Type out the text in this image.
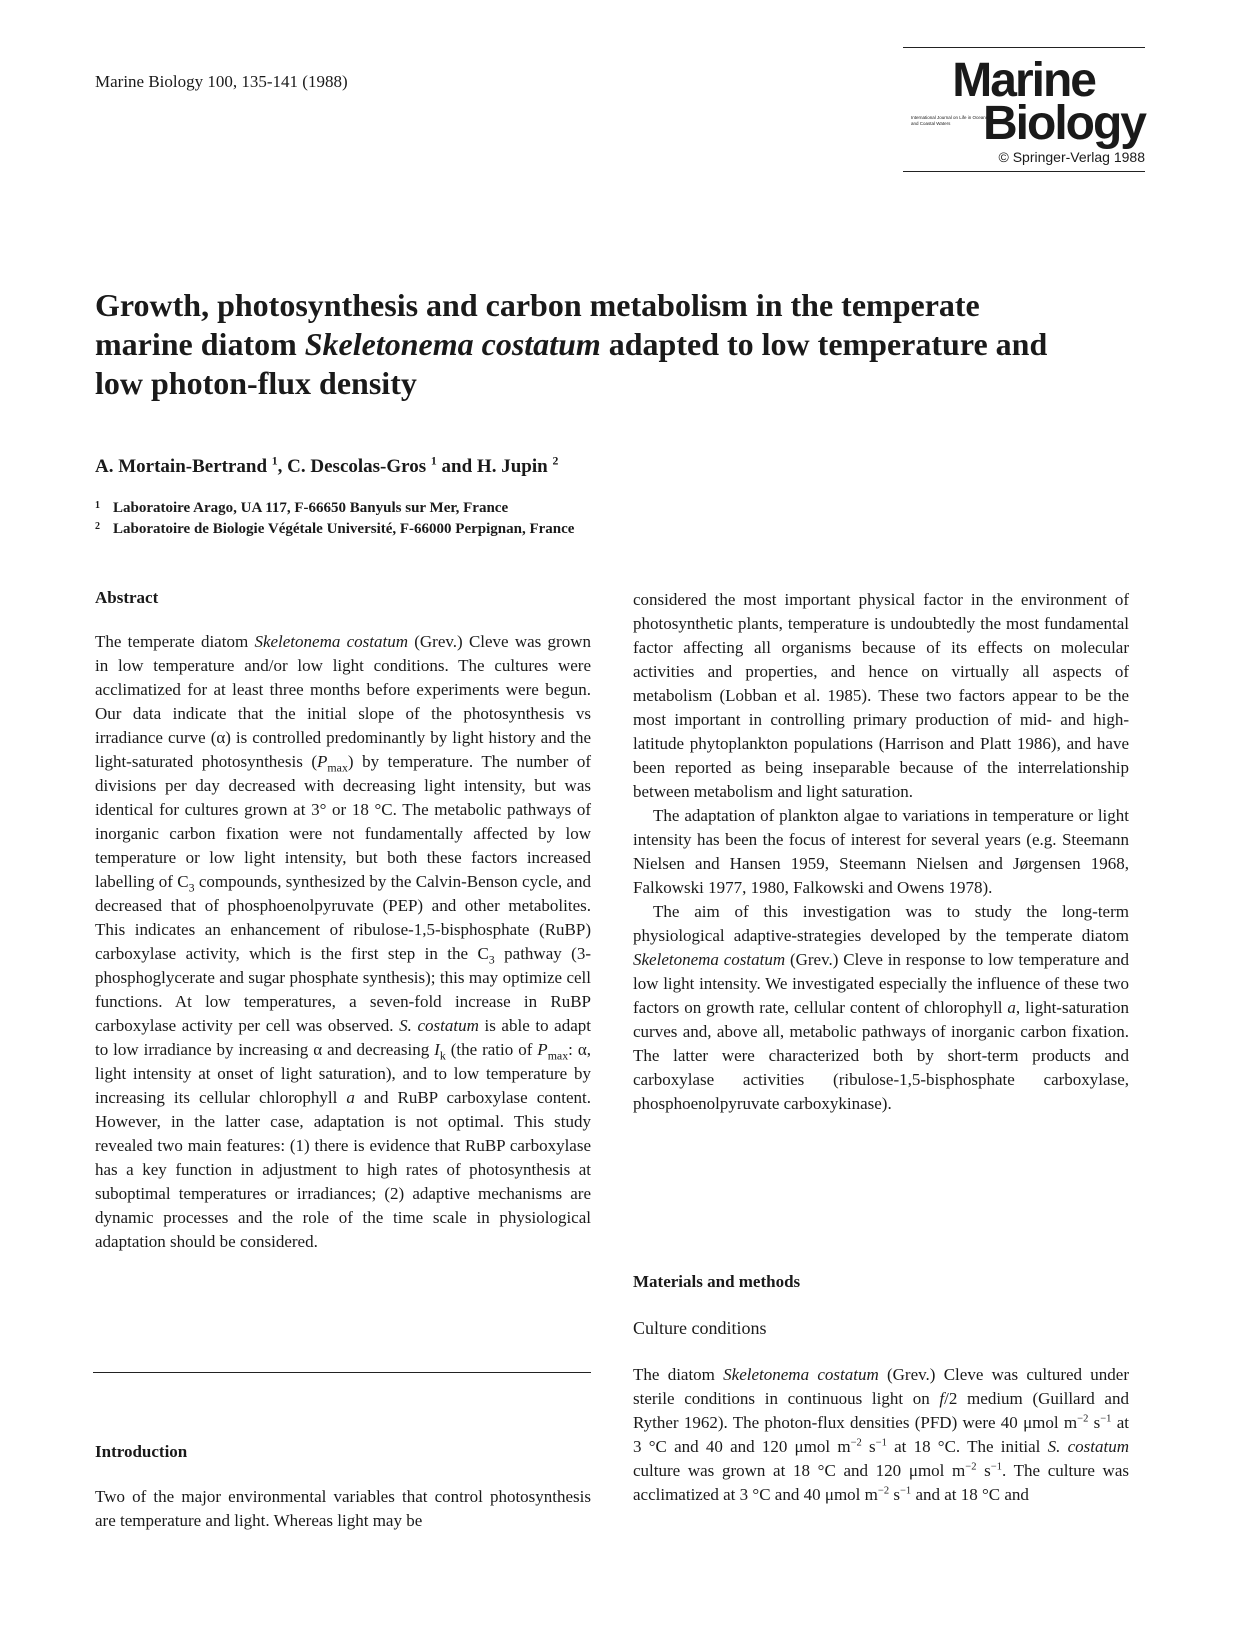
Marine Biology 100, 135-141 (1988)	Marine
International Journal on Life in Oceans and Coastal Waters Biology
© Springer-Verlag 1988
Growth, photosynthesis and carbon metabolism in the temperate marine diatom Skeletonema costatum adapted to low temperature and low photon-flux density
A. Mortain-Bertrand $^1$, C. Descolas-Gros $^1$ and H. Jupin $^2$
1 Laboratoire Arago, UA 117, F-66650 Banyuls sur Mer, France
2 Laboratoire de Biologie Végétale Université, F-66000 Perpignan, France
Abstract
The temperate diatom Skeletonema costatum (Grev.) Cleve was grown in low temperature and/or low light conditions. The cultures were acclimatized for at least three months before experiments were begun. Our data indicate that the initial slope of the photosynthesis vs irradiance curve (α) is controlled predominantly by light history and the light-saturated photosynthesis $(P_{max})$ by temperature. The number of divisions per day decreased with decreasing light intensity, but was identical for cultures grown at 3° or 18 °C. The metabolic pathways of inorganic carbon fixation were not fundamentally affected by low temperature or low light intensity, but both these factors increased labelling of $C_3$ compounds, synthesized by the Calvin-Benson cycle, and decreased that of phosphoenolpyruvate (PEP) and other metabolites. This indicates an enhancement of ribulose-1,5-bisphosphate (RuBP) carboxylase activity, which is the first step in the $C_3$ pathway (3-phosphoglycerate and sugar phosphate synthesis); this may optimize cell functions. At low temperatures, a seven-fold increase in RuBP carboxylase activity per cell was observed. S. costatum is able to adapt to low irradiance by increasing α and decreasing $I_k$ (the ratio of $P_{max}$: α, light intensity at onset of light saturation), and to low temperature by increasing its cellular chlorophyll a and RuBP carboxylase content. However, in the latter case, adaptation is not optimal. This study revealed two main features: (1) there is evidence that RuBP carboxylase has a key function in adjustment to high rates of photosynthesis at suboptimal temperatures or irradiances; (2) adaptive mechanisms are dynamic processes and the role of the time scale in physiological adaptation should be considered.
Introduction
Two of the major environmental variables that control photosynthesis are temperature and light. Whereas light may be

considered the most important physical factor in the environment of photosynthetic plants, temperature is undoubtedly the most fundamental factor affecting all organisms because of its effects on molecular activities and properties, and hence on virtually all aspects of metabolism (Lobban et al. 1985). These two factors appear to be the most important in controlling primary production of mid- and high-latitude phytoplankton populations (Harrison and Platt 1986), and have been reported as being inseparable because of the interrelationship between metabolism and light saturation.

The adaptation of plankton algae to variations in temperature or light intensity has been the focus of interest for several years (e.g. Steemann Nielsen and Hansen 1959, Steemann Nielsen and Jørgensen 1968, Falkowski 1977, 1980, Falkowski and Owens 1978).

The aim of this investigation was to study the long-term physiological adaptive-strategies developed by the temperate diatom Skeletonema costatum (Grev.) Cleve in response to low temperature and low light intensity. We investigated especially the influence of these two factors on growth rate, cellular content of chlorophyll a, light-saturation curves and, above all, metabolic pathways of inorganic carbon fixation. The latter were characterized both by short-term products and carboxylase activities (ribulose-1,5-bisphosphate carboxylase, phosphoenolpyruvate carboxykinase).

Materials and methods
Culture conditions
The diatom Skeletonema costatum (Grev.) Cleve was cultured under sterile conditions in continuous light on f/2 medium (Guillard and Ryther 1962). The photon-flux densities (PFD) were 40 μmol $m^{-2}$ $s^{-1}$ at 3 °C and 40 and 120 μmol $m^{-2}$ $s^{-1}$ at 18 °C. The initial S. costatum culture was grown at 18 °C and 120 μmol $m^{-2}$ $s^{-1}$. The culture was acclimatized at 3 °C and 40 μmol $m^{-2}$ $s^{-1}$ and at 18 °C and
